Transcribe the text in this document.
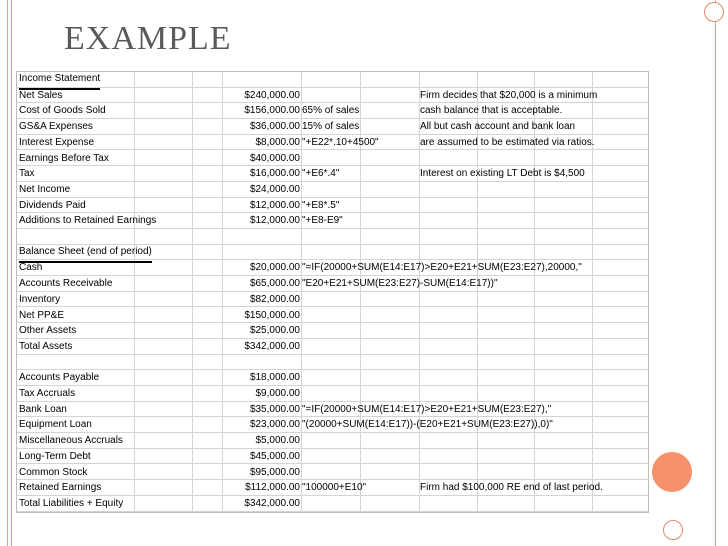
EXAMPLE
Income Statement
Net Sales	$240,000.00	Firm decides that $20,000 is a minimum
Cost of Goods Sold	$156,000.00 65% of sales	cash balance that is acceptable.
GS&A Expenses	$36,000.00 15% of sales	All but cash account and bank loan
Interest Expense	$8,000.00 "+E22*.10+4500"	are assumed to be estimated via ratios.
Earnings Before Tax	$40,000.00
Tax	$16,000.00 "+E6*.4"	Interest on existing LT Debt is $4,500
Net Income	$24,000.00
Dividends Paid	$12,000.00 "+E8*.5"
Additions to Retained Earnings	$12,000.00 "+E8-E9"
Balance Sheet (end of period)
Cash	$20,000.00 "=IF(20000+SUM(E14:E17)>E20+E21+SUM(E23:E27),20000,"
Accounts Receivable	$65,000.00 "E20+E21+SUM(E23:E27)-SUM(E14:E17))"
Inventory	$82,000.00
Net PP&E	$150,000.00
Other Assets	$25,000.00
Total Assets	$342,000.00
Accounts Payable	$18,000.00
Tax Accruals	$9,000.00
Bank Loan	$35,000.00 "=IF(20000+SUM(E14:E17)>E20+E21+SUM(E23:E27),"
Equipment Loan	$23,000.00 "(20000+SUM(E14:E17))-(E20+E21+SUM(E23:E27)),0)"
Miscellaneous Accruals	$5,000.00
Long-Term Debt	$45,000.00
Common Stock	$95,000.00
Retained Earnings	$112,000.00 "100000+E10"	Firm had $100,000 RE end of last period.
Total Liabilities + Equity	$342,000.00
